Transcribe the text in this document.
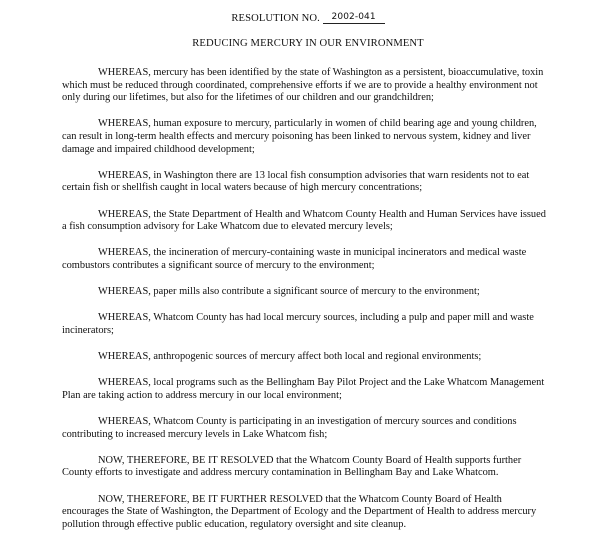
RESOLUTION NO. 2002-041
REDUCING MERCURY IN OUR ENVIRONMENT

WHEREAS, mercury has been identified by the state of Washington as a persistent, bioaccumulative, toxin which must be reduced through coordinated, comprehensive efforts if we are to provide a healthy environment not only during our lifetimes, but also for the lifetimes of our children and our grandchildren;

WHEREAS, human exposure to mercury, particularly in women of child bearing age and young children, can result in long-term health effects and mercury poisoning has been linked to nervous system, kidney and liver damage and impaired childhood development;

WHEREAS, in Washington there are 13 local fish consumption advisories that warn residents not to eat certain fish or shellfish caught in local waters because of high mercury concentrations;

WHEREAS, the State Department of Health and Whatcom County Health and Human Services have issued a fish consumption advisory for Lake Whatcom due to elevated mercury levels;

WHEREAS, the incineration of mercury-containing waste in municipal incinerators and medical waste combustors contributes a significant source of mercury to the environment;

WHEREAS, paper mills also contribute a significant source of mercury to the environment;

WHEREAS, Whatcom County has had local mercury sources, including a pulp and paper mill and waste incinerators;

WHEREAS, anthropogenic sources of mercury affect both local and regional environments;

WHEREAS, local programs such as the Bellingham Bay Pilot Project and the Lake Whatcom Management Plan are taking action to address mercury in our local environment;

WHEREAS, Whatcom County is participating in an investigation of mercury sources and conditions contributing to increased mercury levels in Lake Whatcom fish;

NOW, THEREFORE, BE IT RESOLVED that the Whatcom County Board of Health supports further County efforts to investigate and address mercury contamination in Bellingham Bay and Lake Whatcom.

NOW, THEREFORE, BE IT FURTHER RESOLVED that the Whatcom County Board of Health encourages the State of Washington, the Department of Ecology and the Department of Health to address mercury pollution through effective public education, regulatory oversight and site cleanup.
